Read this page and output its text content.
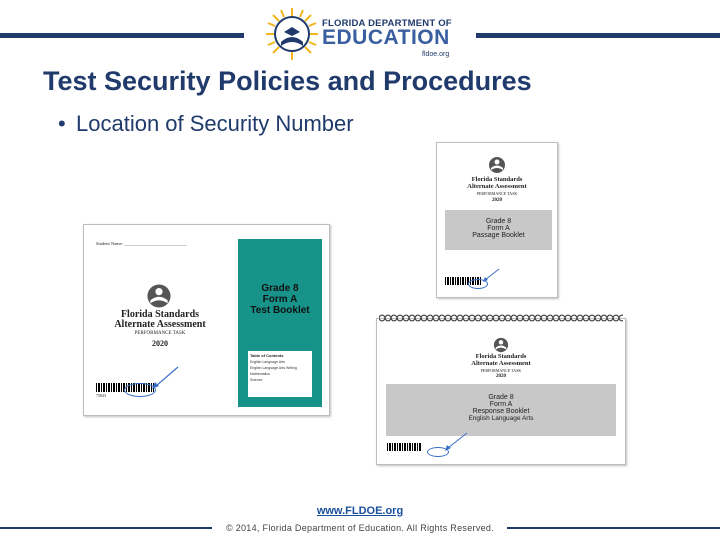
FLORIDA DEPARTMENT OF
EDUCATION
fldoe.org
Test Security Policies and Procedures
• Location of Security Number
Florida Standards
Alternate Assessment
PERFORMANCE TASK
2020
Grade 8
Form A
Passage Booklet
Student Name: ____________________________
Florida Standards
Alternate Assessment
PERFORMANCE TASK
2020
Grade 8
Form A
Test Booklet
Table of Contents
English Language Arts
English Language Arts Writing
Mathematics
Science
75843
Florida Standards
Alternate Assessment
PERFORMANCE TASK
2020
Grade 8
Form A
Response Booklet
English Language Arts
www.FLDOE.org
© 2014, Florida Department of Education. All Rights Reserved.
